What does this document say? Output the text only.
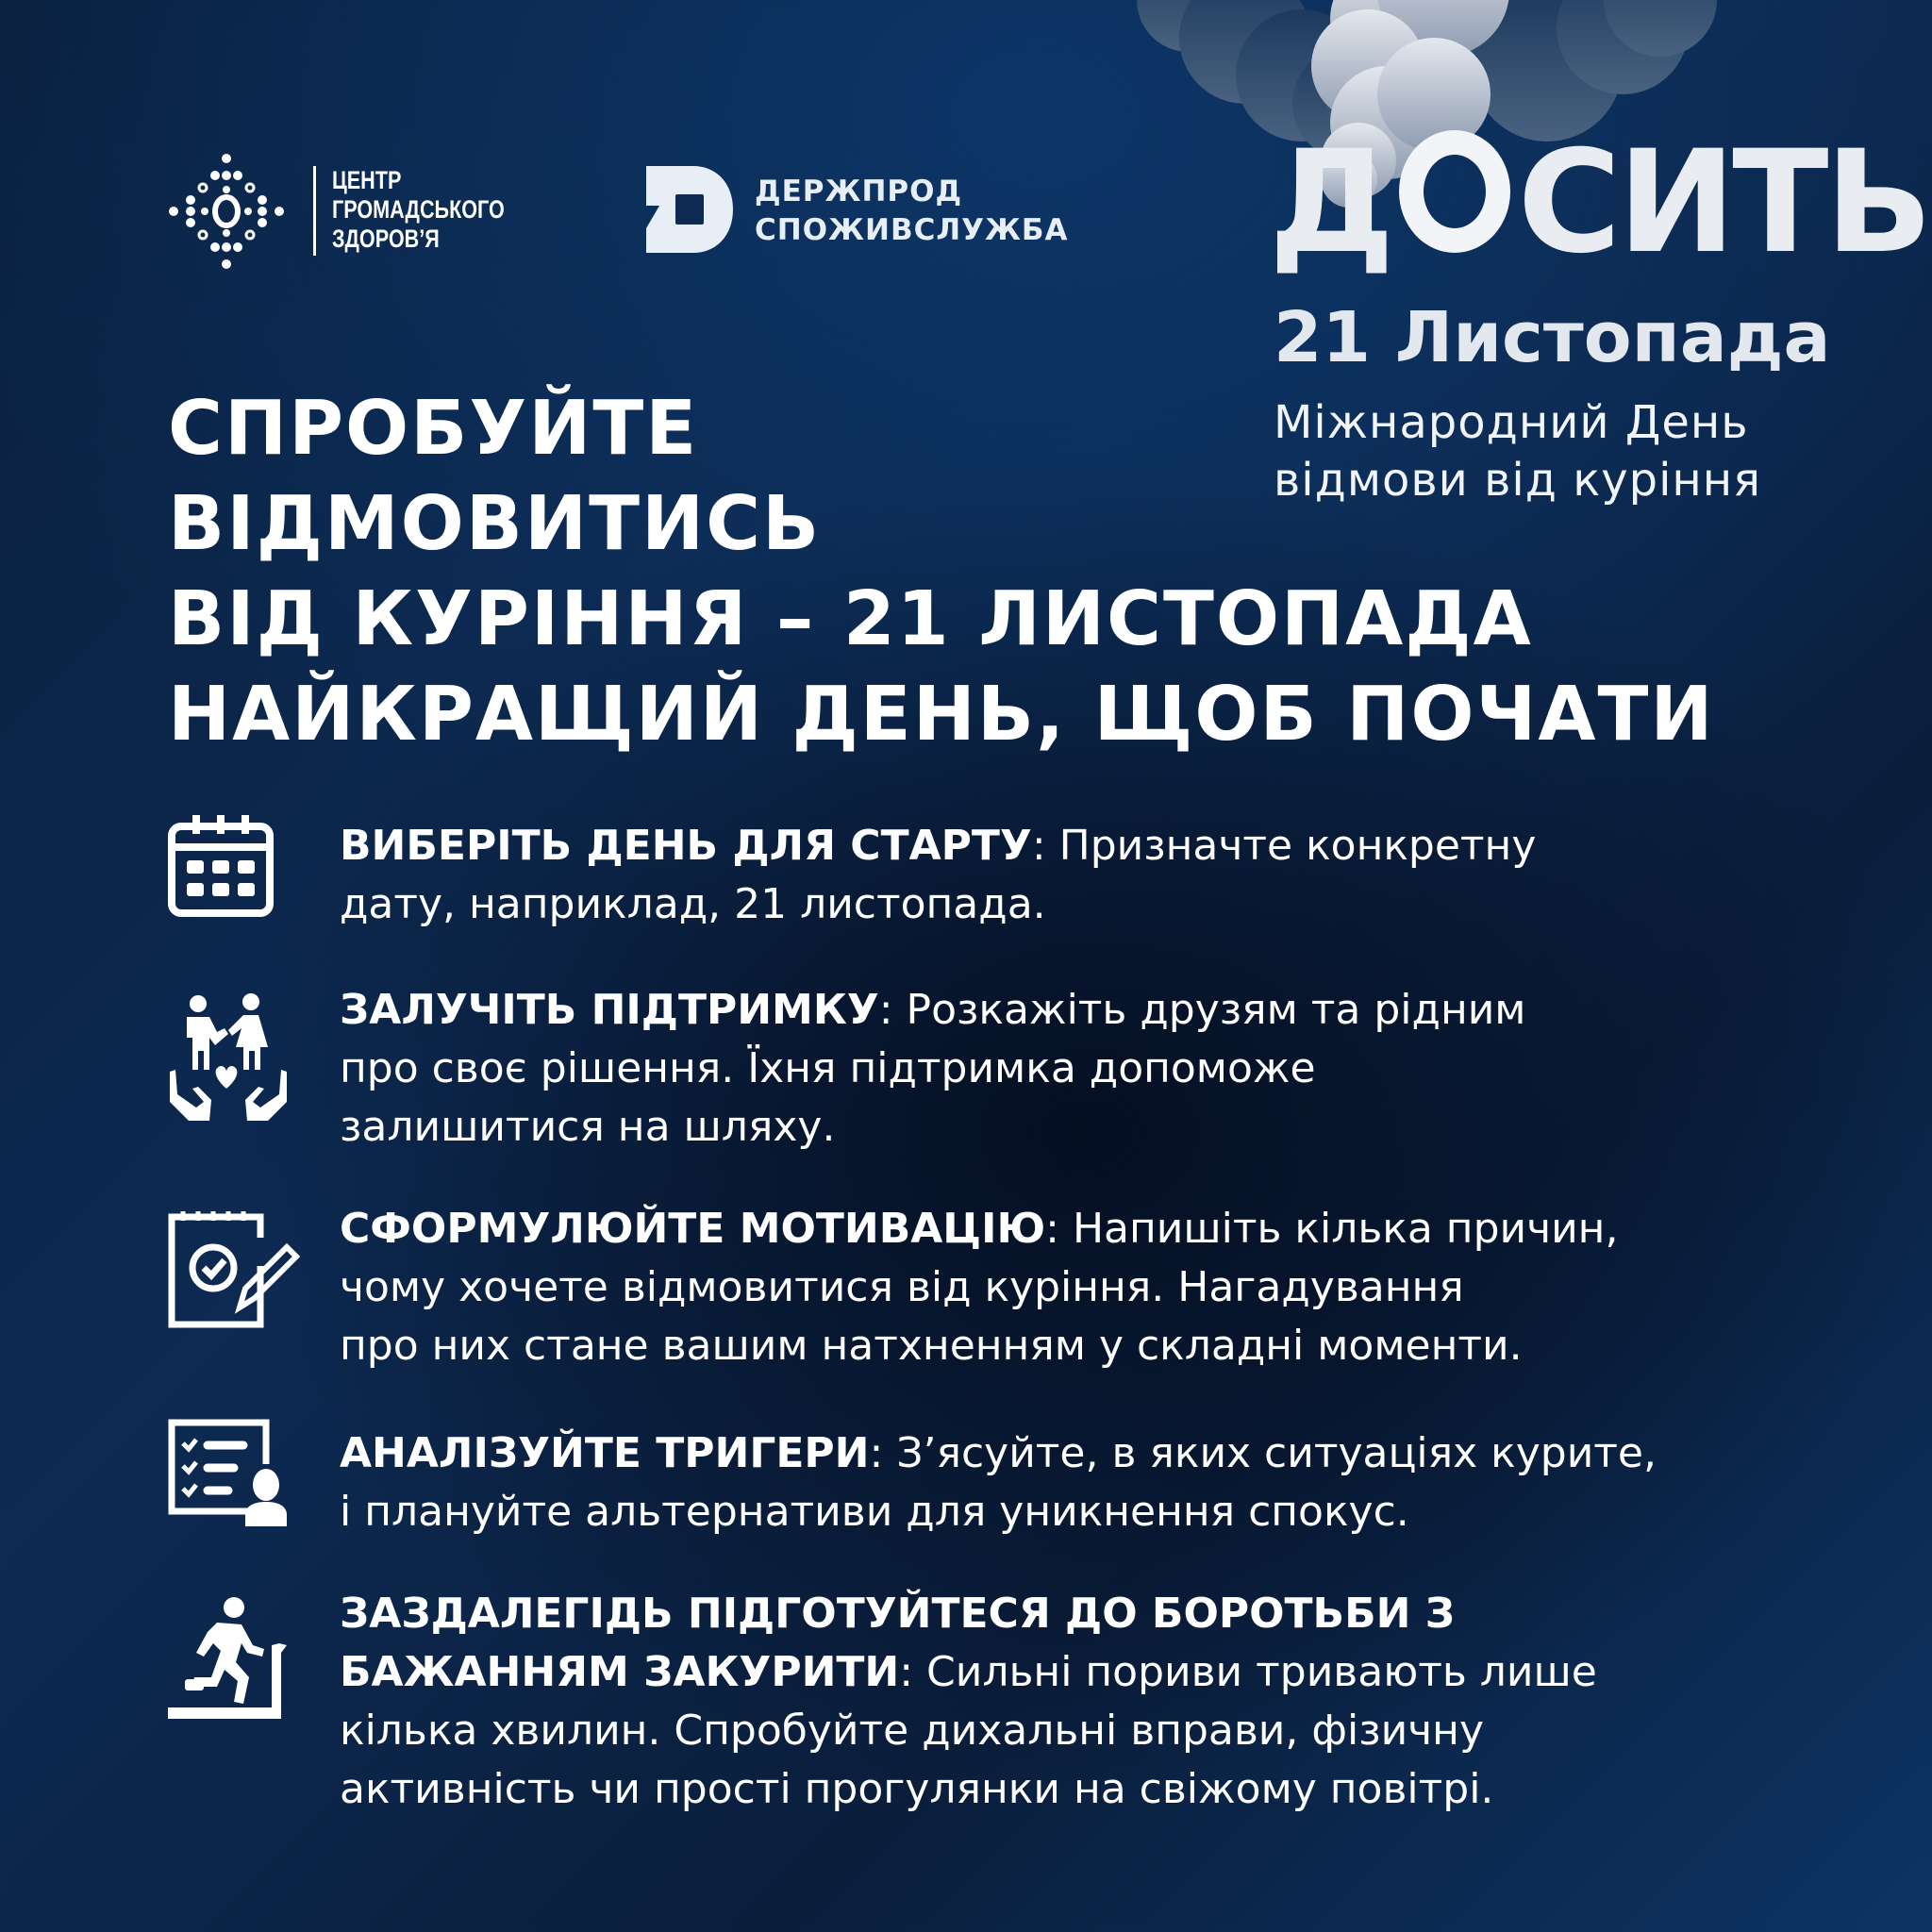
ЦЕНТР
ГРОМАДСЬКОГО
ЗДОРОВ’Я
ДЕРЖПРОД
СПОЖИВСЛУЖБА Д СИТЬ
21 Листопада
Міжнародний День
відмови від куріння
СПРОБУЙТЕ
ВІДМОВИТИСЬ
ВІД КУРІННЯ – 21 ЛИСТОПАДА
НАЙКРАЩИЙ ДЕНЬ, ЩОБ ПОЧАТИ
ВИБЕРІТЬ ДЕНЬ ДЛЯ СТАРТУ: Призначте конкретну
дату, наприклад, 21 листопада.
ЗАЛУЧІТЬ ПІДТРИМКУ: Розкажіть друзям та рідним
про своє рішення. Їхня підтримка допоможе
залишитися на шляху.
СФОРМУЛЮЙТЕ МОТИВАЦІЮ: Напишіть кілька причин,
чому хочете відмовитися від куріння. Нагадування
про них стане вашим натхненням у складні моменти.
АНАЛІЗУЙТЕ ТРИГЕРИ: З’ясуйте, в яких ситуаціях курите,
і плануйте альтернативи для уникнення спокус.
ЗАЗДАЛЕГІДЬ ПІДГОТУЙТЕСЯ ДО БОРОТЬБИ З
БАЖАННЯМ ЗАКУРИТИ: Сильні пориви тривають лише
кілька хвилин. Спробуйте дихальні вправи, фізичну
активність чи прості прогулянки на свіжому повітрі.
